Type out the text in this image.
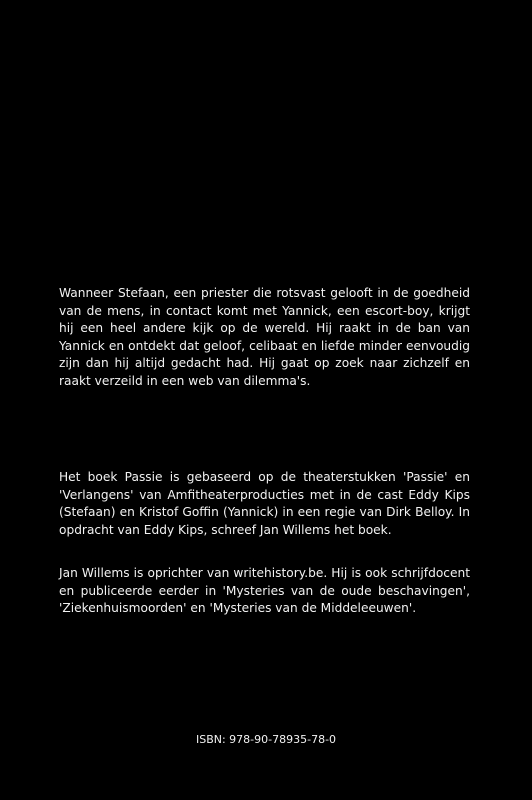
Wanneer Stefaan, een priester die rotsvast gelooft in de goedheid van de mens, in contact komt met Yannick, een escort-boy, krijgt hij een heel andere kijk op de wereld. Hij raakt in de ban van Yannick en ontdekt dat geloof, celibaat en liefde minder eenvoudig zijn dan hij altijd gedacht had. Hij gaat op zoek naar zichzelf en raakt verzeild in een web van dilemma's.

Het boek Passie is gebaseerd op de theaterstukken 'Passie' en 'Verlangens' van Amfitheaterproducties met in de cast Eddy Kips (Stefaan) en Kristof Goffin (Yannick) in een regie van Dirk Belloy. In opdracht van Eddy Kips, schreef Jan Willems het boek.

Jan Willems is oprichter van writehistory.be. Hij is ook schrijfdocent en publiceerde eerder in 'Mysteries van de oude beschavingen', 'Ziekenhuismoorden' en 'Mysteries van de Middeleeuwen'.

ISBN: 978-90-78935-78-0
